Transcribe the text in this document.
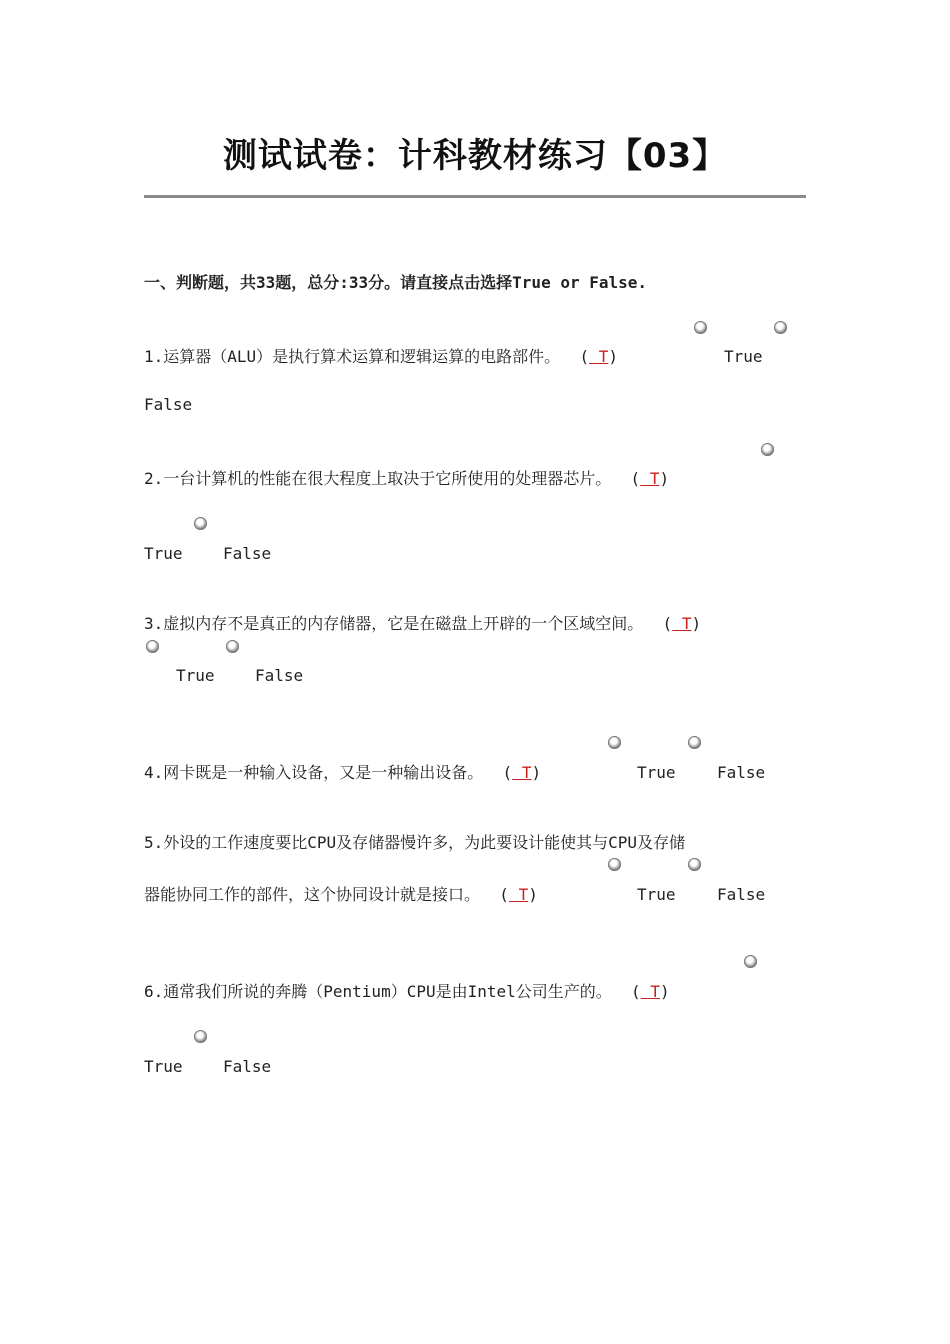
测试试卷：计科教材练习【03】
一、判断题，共33题，总分:33分。请直接点击选择True or False.
1.运算器（ALU）是执行算术运算和逻辑运算的电路部件。  ( T)	True
False
2.一台计算机的性能在很大程度上取决于它所使用的处理器芯片。  ( T)
True	False
3.虚拟内存不是真正的内存储器，它是在磁盘上开辟的一个区域空间。  ( T)
True	False
4.网卡既是一种输入设备，又是一种输出设备。  ( T)	True	False
5.外设的工作速度要比CPU及存储器慢许多，为此要设计能使其与CPU及存储
器能协同工作的部件，这个协同设计就是接口。  ( T)	True	False
6.通常我们所说的奔腾（Pentium）CPU是由Intel公司生产的。  ( T)
True	False
